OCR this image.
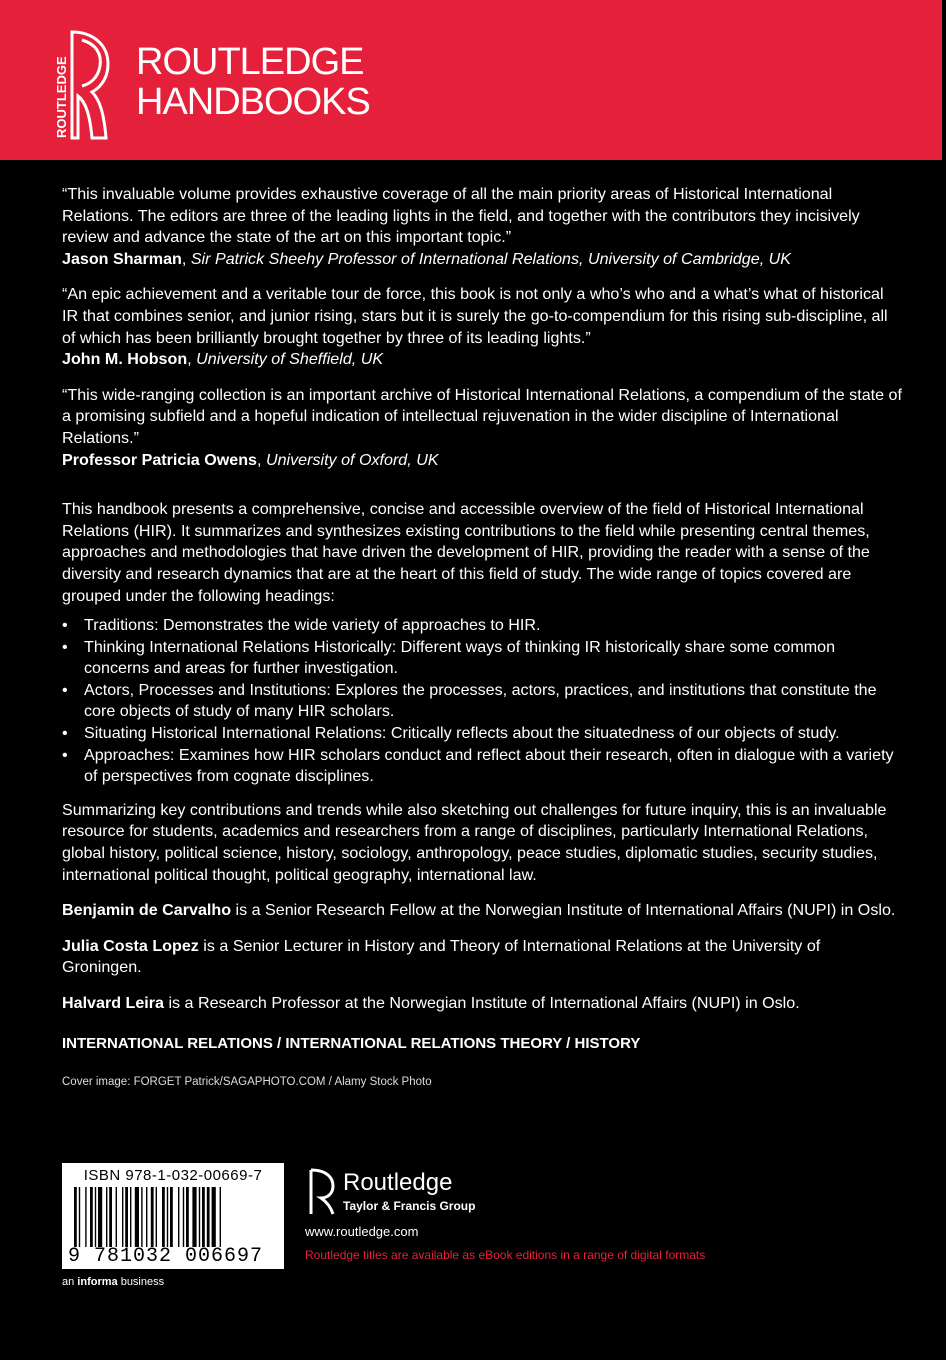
ROUTLEDGE ROUTLEDGE
HANDBOOKS

“This invaluable volume provides exhaustive coverage of all the main priority areas of Historical International Relations. The editors are three of the leading lights in the field, and together with the contributors they incisively review and advance the state of the art on this important topic.”
Jason Sharman, Sir Patrick Sheehy Professor of International Relations, University of Cambridge, UK

“An epic achievement and a veritable tour de force, this book is not only a who’s who and a what’s what of historical IR that combines senior, and junior rising, stars but it is surely the go-to-compendium for this rising sub-discipline, all of which has been brilliantly brought together by three of its leading lights.”
John M. Hobson, University of Sheffield, UK

“This wide-ranging collection is an important archive of Historical International Relations, a compendium of the state of a promising subfield and a hopeful indication of intellectual rejuvenation in the wider discipline of International Relations.”
Professor Patricia Owens, University of Oxford, UK

This handbook presents a comprehensive, concise and accessible overview of the field of Historical International Relations (HIR). It summarizes and synthesizes existing contributions to the field while presenting central themes, approaches and methodologies that have driven the development of HIR, providing the reader with a sense of the diversity and research dynamics that are at the heart of this field of study. The wide range of topics covered are grouped under the following headings:

• Traditions: Demonstrates the wide variety of approaches to HIR.
• Thinking International Relations Historically: Different ways of thinking IR historically share some common concerns and areas for further investigation.
• Actors, Processes and Institutions: Explores the processes, actors, practices, and institutions that constitute the core objects of study of many HIR scholars.
• Situating Historical International Relations: Critically reflects about the situatedness of our objects of study.
• Approaches: Examines how HIR scholars conduct and reflect about their research, often in dialogue with a variety of perspectives from cognate disciplines.

Summarizing key contributions and trends while also sketching out challenges for future inquiry, this is an invaluable resource for students, academics and researchers from a range of disciplines, particularly International Relations, global history, political science, history, sociology, anthropology, peace studies, diplomatic studies, security studies, international political thought, political geography, international law.

Benjamin de Carvalho is a Senior Research Fellow at the Norwegian Institute of International Affairs (NUPI) in Oslo.

Julia Costa Lopez is a Senior Lecturer in History and Theory of International Relations at the University of Groningen.

Halvard Leira is a Research Professor at the Norwegian Institute of International Affairs (NUPI) in Oslo.

INTERNATIONAL RELATIONS / INTERNATIONAL RELATIONS THEORY / HISTORY

Cover image: FORGET Patrick/SAGAPHOTO.COM / Alamy Stock Photo

ISBN 978-1-032-00669-7
9 781032 006697
an informa business
Routledge
Taylor & Francis Group
www.routledge.com
Routledge titles are available as eBook editions in a range of digital formats
